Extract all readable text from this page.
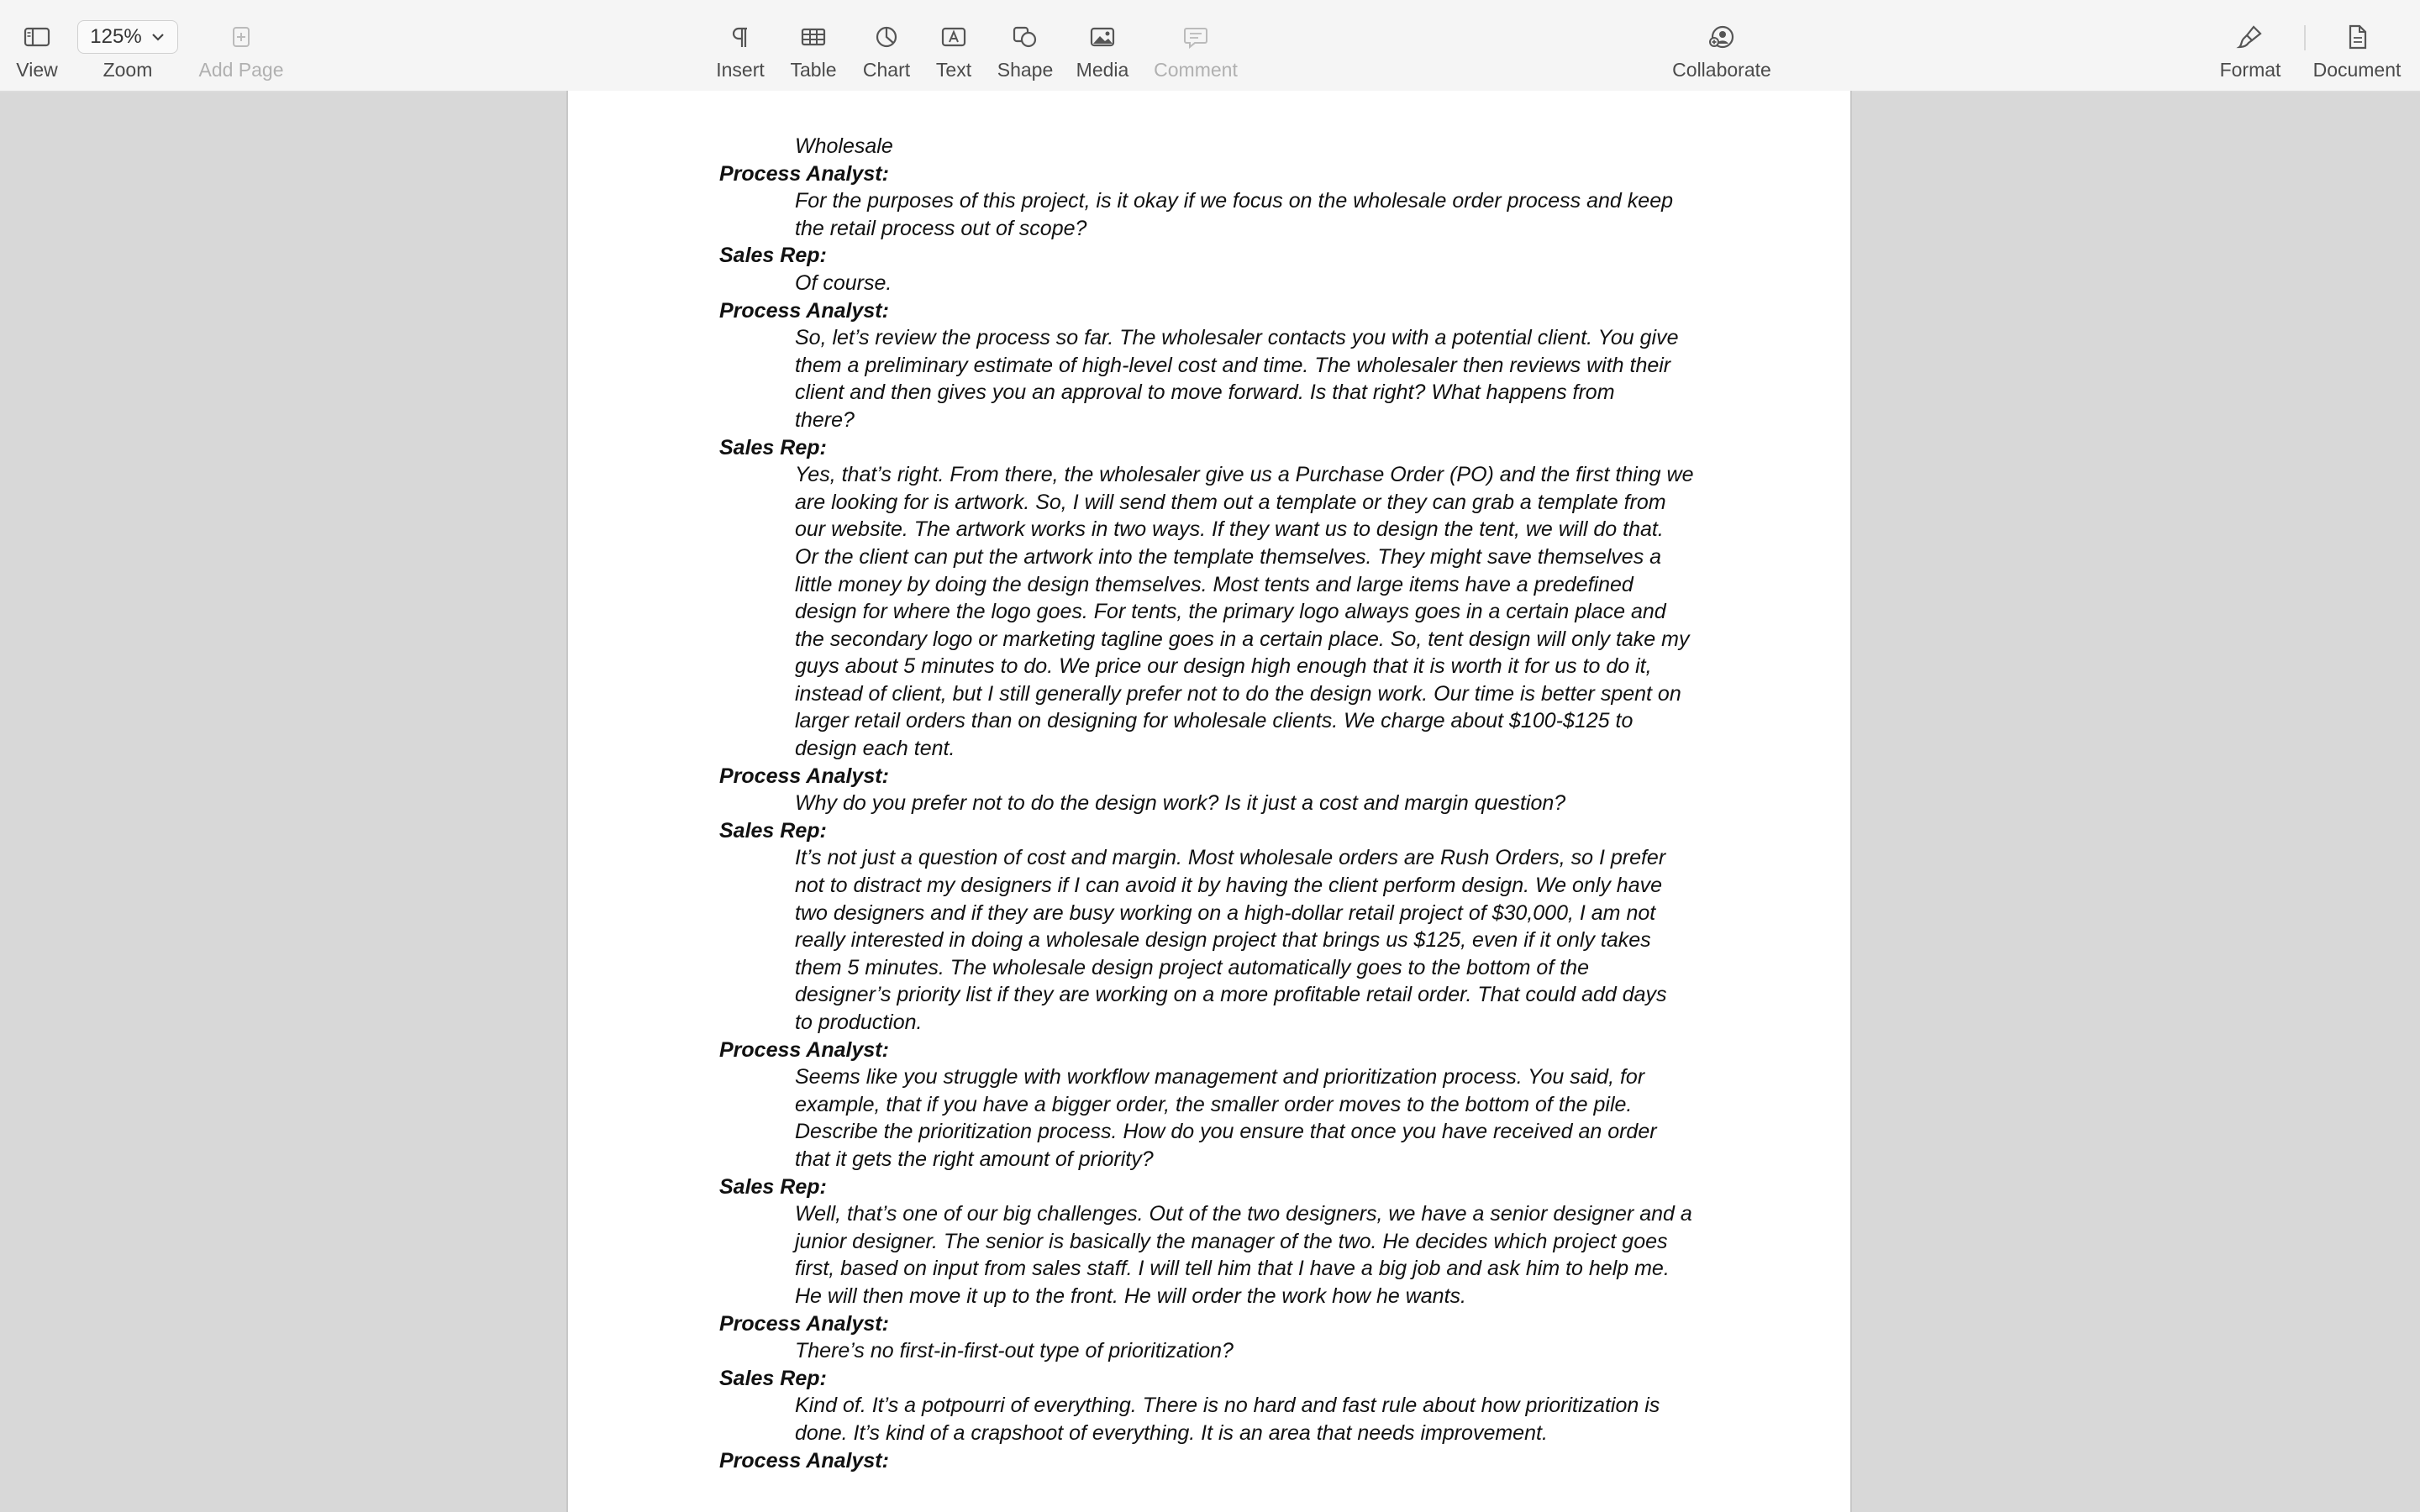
View
125%
Zoom Add Page	Insert Table Chart Text Shape Media Comment	Collaborate	Format Document
Wholesale
Process Analyst:
For the purposes of this project, is it okay if we focus on the wholesale order process and keep
the retail process out of scope?
Sales Rep:
Of course.
Process Analyst:
So, let’s review the process so far. The wholesaler contacts you with a potential client. You give
them a preliminary estimate of high-level cost and time. The wholesaler then reviews with their
client and then gives you an approval to move forward. Is that right? What happens from
there?
Sales Rep:
Yes, that’s right. From there, the wholesaler give us a Purchase Order (PO) and the first thing we
are looking for is artwork. So, I will send them out a template or they can grab a template from
our website. The artwork works in two ways. If they want us to design the tent, we will do that.
Or the client can put the artwork into the template themselves. They might save themselves a
little money by doing the design themselves. Most tents and large items have a predefined
design for where the logo goes. For tents, the primary logo always goes in a certain place and
the secondary logo or marketing tagline goes in a certain place. So, tent design will only take my
guys about 5 minutes to do. We price our design high enough that it is worth it for us to do it,
instead of client, but I still generally prefer not to do the design work. Our time is better spent on
larger retail orders than on designing for wholesale clients. We charge about $100-$125 to
design each tent.
Process Analyst:
Why do you prefer not to do the design work? Is it just a cost and margin question?
Sales Rep:
It’s not just a question of cost and margin. Most wholesale orders are Rush Orders, so I prefer
not to distract my designers if I can avoid it by having the client perform design. We only have
two designers and if they are busy working on a high-dollar retail project of $30,000, I am not
really interested in doing a wholesale design project that brings us $125, even if it only takes
them 5 minutes. The wholesale design project automatically goes to the bottom of the
designer’s priority list if they are working on a more profitable retail order. That could add days
to production.
Process Analyst:
Seems like you struggle with workflow management and prioritization process. You said, for
example, that if you have a bigger order, the smaller order moves to the bottom of the pile.
Describe the prioritization process. How do you ensure that once you have received an order
that it gets the right amount of priority?
Sales Rep:
Well, that’s one of our big challenges. Out of the two designers, we have a senior designer and a
junior designer. The senior is basically the manager of the two. He decides which project goes
first, based on input from sales staff. I will tell him that I have a big job and ask him to help me.
He will then move it up to the front. He will order the work how he wants.
Process Analyst:
There’s no first-in-first-out type of prioritization?
Sales Rep:
Kind of. It’s a potpourri of everything. There is no hard and fast rule about how prioritization is
done. It’s kind of a crapshoot of everything. It is an area that needs improvement.
Process Analyst:
